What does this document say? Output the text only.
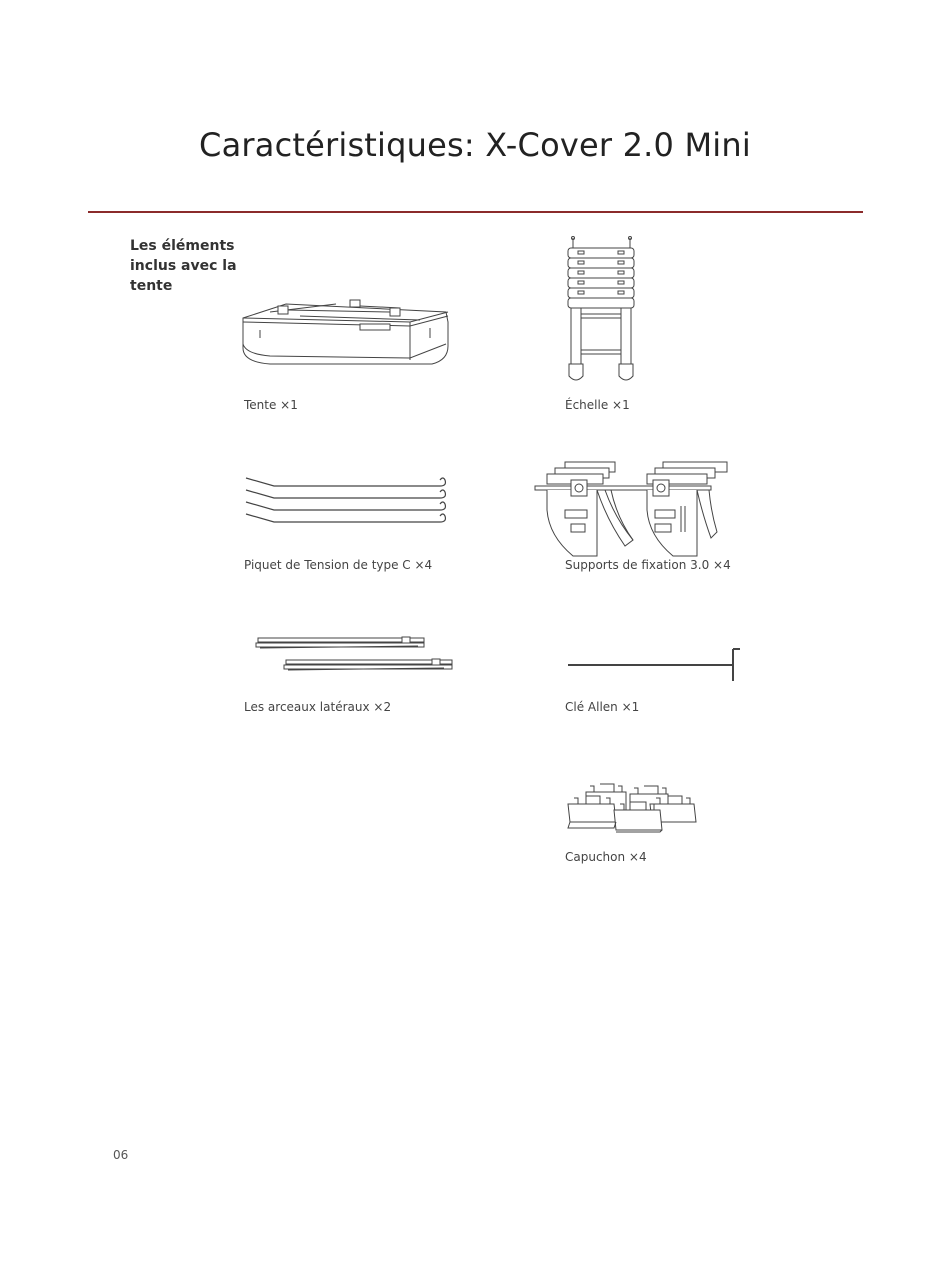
Caractéristiques: X-Cover 2.0 Mini
Les éléments inclus avec la tente
Tente ×1	Échelle ×1
Piquet de Tension de type C ×4	Supports de fixation 3.0 ×4
Les arceaux latéraux ×2	Clé Allen ×1
Capuchon ×4
06
